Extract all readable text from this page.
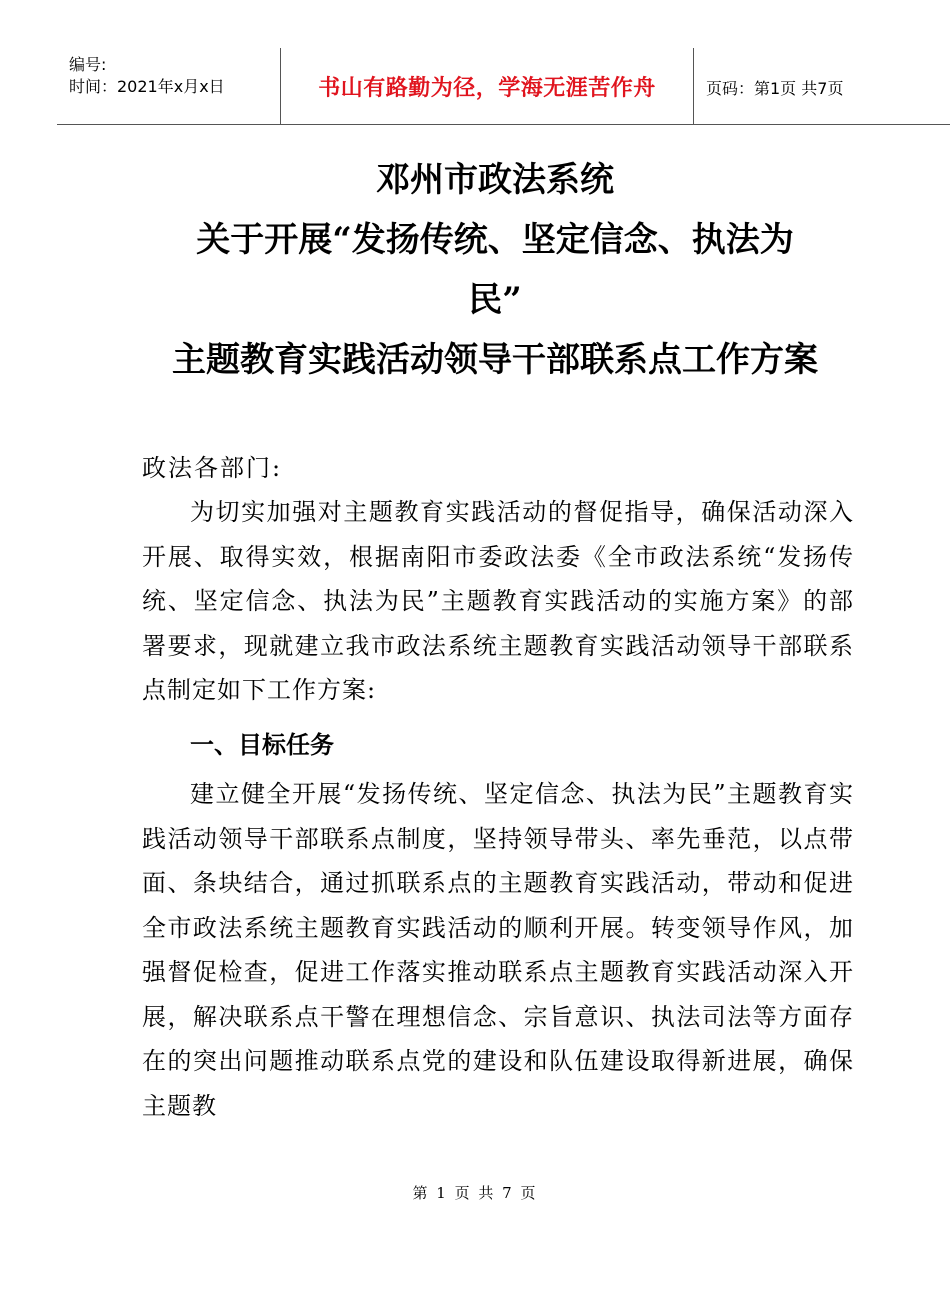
编号:
时间：2021年x月x日	书山有路勤为径，学海无涯苦作舟	页码：第1页 共7页
邓州市政法系统
关于开展“发扬传统、坚定信念、执法为
民”
主题教育实践活动领导干部联系点工作方案
政法各部门:
为切实加强对主题教育实践活动的督促指导，确保活动深入开展、取得实效，根据南阳市委政法委《全市政法系统“发扬传统、坚定信念、执法为民”主题教育实践活动的实施方案》的部署要求，现就建立我市政法系统主题教育实践活动领导干部联系点制定如下工作方案:
一、目标任务
建立健全开展“发扬传统、坚定信念、执法为民”主题教育实践活动领导干部联系点制度，坚持领导带头、率先垂范，以点带面、条块结合，通过抓联系点的主题教育实践活动，带动和促进全市政法系统主题教育实践活动的顺利开展。转变领导作风，加强督促检查，促进工作落实推动联系点主题教育实践活动深入开展，解决联系点干警在理想信念、宗旨意识、执法司法等方面存在的突出问题推动联系点党的建设和队伍建设取得新进展，确保主题教
第 1 页 共 7 页
